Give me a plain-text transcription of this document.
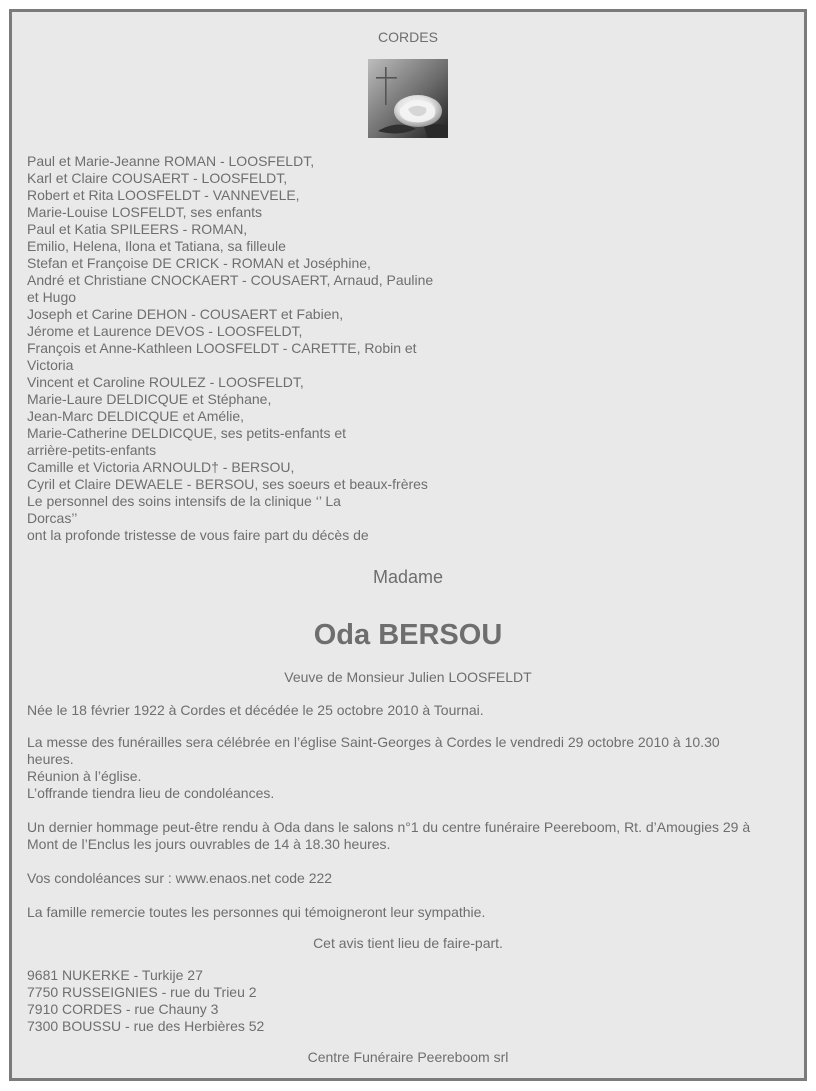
CORDES
Paul et Marie-Jeanne ROMAN - LOOSFELDT,
Karl et Claire COUSAERT - LOOSFELDT,
Robert et Rita LOOSFELDT - VANNEVELE,
Marie-Louise LOSFELDT, ses enfants
Paul et Katia SPILEERS - ROMAN,
Emilio, Helena, Ilona et Tatiana, sa filleule
Stefan et Françoise DE CRICK - ROMAN et Joséphine,
André et Christiane CNOCKAERT - COUSAERT, Arnaud, Pauline
et Hugo
Joseph et Carine DEHON - COUSAERT et Fabien,
Jérome et Laurence DEVOS - LOOSFELDT,
François et Anne-Kathleen LOOSFELDT - CARETTE, Robin et
Victoria
Vincent et Caroline ROULEZ - LOOSFELDT,
Marie-Laure DELDICQUE et Stéphane,
Jean-Marc DELDICQUE et Amélie,
Marie-Catherine DELDICQUE, ses petits-enfants et
arrière-petits-enfants
Camille et Victoria ARNOULD† - BERSOU,
Cyril et Claire DEWAELE - BERSOU, ses soeurs et beaux-frères
Le personnel des soins intensifs de la clinique ‘’ La
Dorcas’’
ont la profonde tristesse de vous faire part du décès de
Madame
Oda BERSOU
Veuve de Monsieur Julien LOOSFELDT
Née le 18 février 1922 à Cordes et décédée le 25 octobre 2010 à Tournai.
La messe des funérailles sera célébrée en l’église Saint-Georges à Cordes le vendredi 29 octobre 2010 à 10.30
heures.
Réunion à l’église.
L’offrande tiendra lieu de condoléances.
Un dernier hommage peut-être rendu à Oda dans le salons n°1 du centre funéraire Peereboom, Rt. d’Amougies 29 à
Mont de l’Enclus les jours ouvrables de 14 à 18.30 heures.
Vos condoléances sur : www.enaos.net code 222
La famille remercie toutes les personnes qui témoigneront leur sympathie.
Cet avis tient lieu de faire-part.
9681 NUKERKE - Turkije 27
7750 RUSSEIGNIES - rue du Trieu 2
7910 CORDES - rue Chauny 3
7300 BOUSSU - rue des Herbières 52
Centre Funéraire Peereboom srl
